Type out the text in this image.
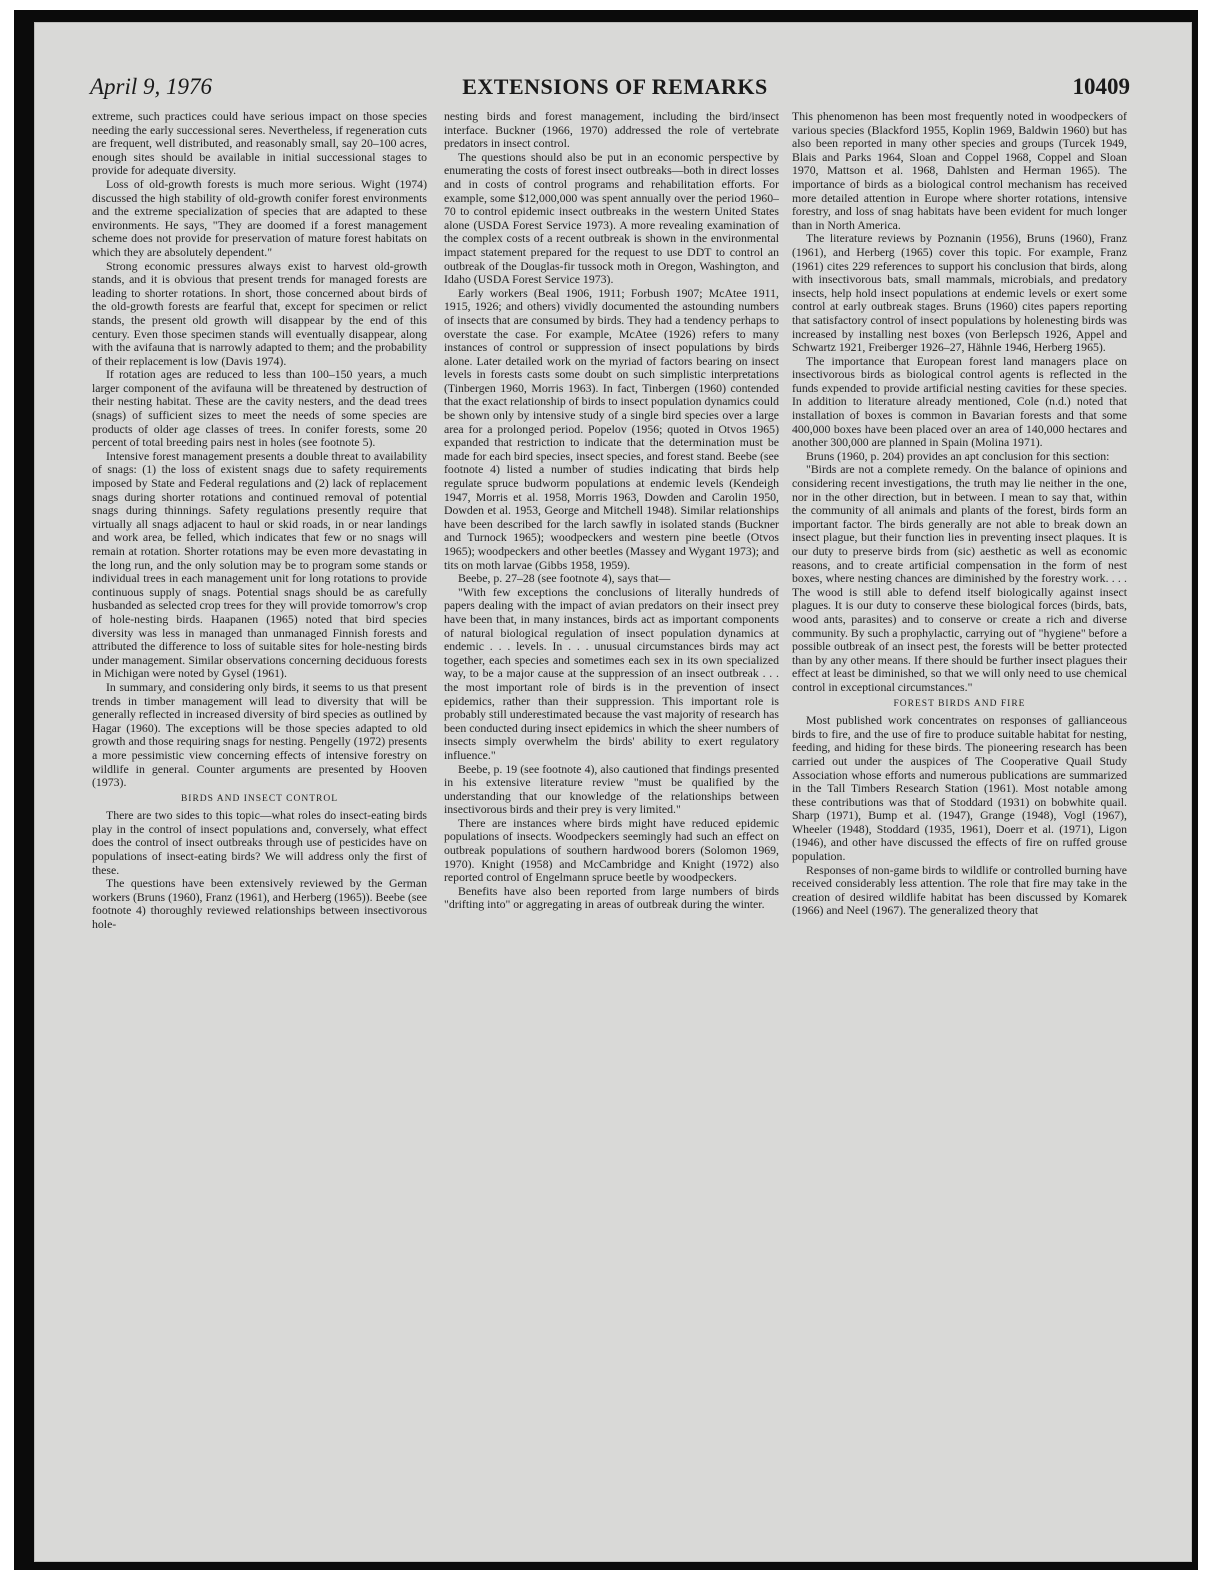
April 9, 1976	EXTENSIONS OF REMARKS	10409

extreme, such practices could have serious impact on those species needing the early successional seres. Nevertheless, if regeneration cuts are frequent, well distributed, and reasonably small, say 20–100 acres, enough sites should be available in initial successional stages to provide for adequate diversity.

Loss of old-growth forests is much more serious. Wight (1974) discussed the high stability of old-growth conifer forest environments and the extreme specialization of species that are adapted to these environments. He says, "They are doomed if a forest management scheme does not provide for preservation of mature forest habitats on which they are absolutely dependent."

Strong economic pressures always exist to harvest old-growth stands, and it is obvious that present trends for managed forests are leading to shorter rotations. In short, those concerned about birds of the old-growth forests are fearful that, except for specimen or relict stands, the present old growth will disappear by the end of this century. Even those specimen stands will eventually disappear, along with the avifauna that is narrowly adapted to them; and the probability of their replacement is low (Davis 1974).

If rotation ages are reduced to less than 100–150 years, a much larger component of the avifauna will be threatened by destruction of their nesting habitat. These are the cavity nesters, and the dead trees (snags) of sufficient sizes to meet the needs of some species are products of older age classes of trees. In conifer forests, some 20 percent of total breeding pairs nest in holes (see footnote 5).

Intensive forest management presents a double threat to availability of snags: (1) the loss of existent snags due to safety requirements imposed by State and Federal regulations and (2) lack of replacement snags during shorter rotations and continued removal of potential snags during thinnings. Safety regulations presently require that virtually all snags adjacent to haul or skid roads, in or near landings and work area, be felled, which indicates that few or no snags will remain at rotation. Shorter rotations may be even more devastating in the long run, and the only solution may be to program some stands or individual trees in each management unit for long rotations to provide continuous supply of snags. Potential snags should be as carefully husbanded as selected crop trees for they will provide tomorrow's crop of hole-nesting birds. Haapanen (1965) noted that bird species diversity was less in managed than unmanaged Finnish forests and attributed the difference to loss of suitable sites for hole-nesting birds under management. Similar observations concerning deciduous forests in Michigan were noted by Gysel (1961).

In summary, and considering only birds, it seems to us that present trends in timber management will lead to diversity that will be generally reflected in increased diversity of bird species as outlined by Hagar (1960). The exceptions will be those species adapted to old growth and those requiring snags for nesting. Pengelly (1972) presents a more pessimistic view concerning effects of intensive forestry on wildlife in general. Counter arguments are presented by Hooven (1973).

BIRDS AND INSECT CONTROL

There are two sides to this topic—what roles do insect-eating birds play in the control of insect populations and, conversely, what effect does the control of insect outbreaks through use of pesticides have on populations of insect-eating birds? We will address only the first of these.

The questions have been extensively reviewed by the German workers (Bruns (1960), Franz (1961), and Herberg (1965)). Beebe (see footnote 4) thoroughly reviewed relationships between insectivorous hole-

nesting birds and forest management, including the bird/insect interface. Buckner (1966, 1970) addressed the role of vertebrate predators in insect control.

The questions should also be put in an economic perspective by enumerating the costs of forest insect outbreaks—both in direct losses and in costs of control programs and rehabilitation efforts. For example, some $12,000,000 was spent annually over the period 1960–70 to control epidemic insect outbreaks in the western United States alone (USDA Forest Service 1973). A more revealing examination of the complex costs of a recent outbreak is shown in the environmental impact statement prepared for the request to use DDT to control an outbreak of the Douglas-fir tussock moth in Oregon, Washington, and Idaho (USDA Forest Service 1973).

Early workers (Beal 1906, 1911; Forbush 1907; McAtee 1911, 1915, 1926; and others) vividly documented the astounding numbers of insects that are consumed by birds. They had a tendency perhaps to overstate the case. For example, McAtee (1926) refers to many instances of control or suppression of insect populations by birds alone. Later detailed work on the myriad of factors bearing on insect levels in forests casts some doubt on such simplistic interpretations (Tinbergen 1960, Morris 1963). In fact, Tinbergen (1960) contended that the exact relationship of birds to insect population dynamics could be shown only by intensive study of a single bird species over a large area for a prolonged period. Popelov (1956; quoted in Otvos 1965) expanded that restriction to indicate that the determination must be made for each bird species, insect species, and forest stand. Beebe (see footnote 4) listed a number of studies indicating that birds help regulate spruce budworm populations at endemic levels (Kendeigh 1947, Morris et al. 1958, Morris 1963, Dowden and Carolin 1950, Dowden et al. 1953, George and Mitchell 1948). Similar relationships have been described for the larch sawfly in isolated stands (Buckner and Turnock 1965); woodpeckers and western pine beetle (Otvos 1965); woodpeckers and other beetles (Massey and Wygant 1973); and tits on moth larvae (Gibbs 1958, 1959).

Beebe, p. 27–28 (see footnote 4), says that—

"With few exceptions the conclusions of literally hundreds of papers dealing with the impact of avian predators on their insect prey have been that, in many instances, birds act as important components of natural biological regulation of insect population dynamics at endemic . . . levels. In . . . unusual circumstances birds may act together, each species and sometimes each sex in its own specialized way, to be a major cause at the suppression of an insect outbreak . . . the most important role of birds is in the prevention of insect epidemics, rather than their suppression. This important role is probably still underestimated because the vast majority of research has been conducted during insect epidemics in which the sheer numbers of insects simply overwhelm the birds' ability to exert regulatory influence."

Beebe, p. 19 (see footnote 4), also cautioned that findings presented in his extensive literature review "must be qualified by the understanding that our knowledge of the relationships between insectivorous birds and their prey is very limited."

There are instances where birds might have reduced epidemic populations of insects. Woodpeckers seemingly had such an effect on outbreak populations of southern hardwood borers (Solomon 1969, 1970). Knight (1958) and McCambridge and Knight (1972) also reported control of Engelmann spruce beetle by woodpeckers.

Benefits have also been reported from large numbers of birds "drifting into" or aggregating in areas of outbreak during the winter.

This phenomenon has been most frequently noted in woodpeckers of various species (Blackford 1955, Koplin 1969, Baldwin 1960) but has also been reported in many other species and groups (Turcek 1949, Blais and Parks 1964, Sloan and Coppel 1968, Coppel and Sloan 1970, Mattson et al. 1968, Dahlsten and Herman 1965). The importance of birds as a biological control mechanism has received more detailed attention in Europe where shorter rotations, intensive forestry, and loss of snag habitats have been evident for much longer than in North America.

The literature reviews by Poznanin (1956), Bruns (1960), Franz (1961), and Herberg (1965) cover this topic. For example, Franz (1961) cites 229 references to support his conclusion that birds, along with insectivorous bats, small mammals, microbials, and predatory insects, help hold insect populations at endemic levels or exert some control at early outbreak stages. Bruns (1960) cites papers reporting that satisfactory control of insect populations by holenesting birds was increased by installing nest boxes (von Berlepsch 1926, Appel and Schwartz 1921, Freiberger 1926–27, Hähnle 1946, Herberg 1965).

The importance that European forest land managers place on insectivorous birds as biological control agents is reflected in the funds expended to provide artificial nesting cavities for these species. In addition to literature already mentioned, Cole (n.d.) noted that installation of boxes is common in Bavarian forests and that some 400,000 boxes have been placed over an area of 140,000 hectares and another 300,000 are planned in Spain (Molina 1971).

Bruns (1960, p. 204) provides an apt conclusion for this section:

"Birds are not a complete remedy. On the balance of opinions and considering recent investigations, the truth may lie neither in the one, nor in the other direction, but in between. I mean to say that, within the community of all animals and plants of the forest, birds form an important factor. The birds generally are not able to break down an insect plague, but their function lies in preventing insect plaques. It is our duty to preserve birds from (sic) aesthetic as well as economic reasons, and to create artificial compensation in the form of nest boxes, where nesting chances are diminished by the forestry work. . . . The wood is still able to defend itself biologically against insect plagues. It is our duty to conserve these biological forces (birds, bats, wood ants, parasites) and to conserve or create a rich and diverse community. By such a prophylactic, carrying out of "hygiene" before a possible outbreak of an insect pest, the forests will be better protected than by any other means. If there should be further insect plagues their effect at least be diminished, so that we will only need to use chemical control in exceptional circumstances."

FOREST BIRDS AND FIRE

Most published work concentrates on responses of gallianceous birds to fire, and the use of fire to produce suitable habitat for nesting, feeding, and hiding for these birds. The pioneering research has been carried out under the auspices of The Cooperative Quail Study Association whose efforts and numerous publications are summarized in the Tall Timbers Research Station (1961). Most notable among these contributions was that of Stoddard (1931) on bobwhite quail. Sharp (1971), Bump et al. (1947), Grange (1948), Vogl (1967), Wheeler (1948), Stoddard (1935, 1961), Doerr et al. (1971), Ligon (1946), and other have discussed the effects of fire on ruffed grouse population.

Responses of non-game birds to wildlife or controlled burning have received considerably less attention. The role that fire may take in the creation of desired wildlife habitat has been discussed by Komarek (1966) and Neel (1967). The generalized theory that
